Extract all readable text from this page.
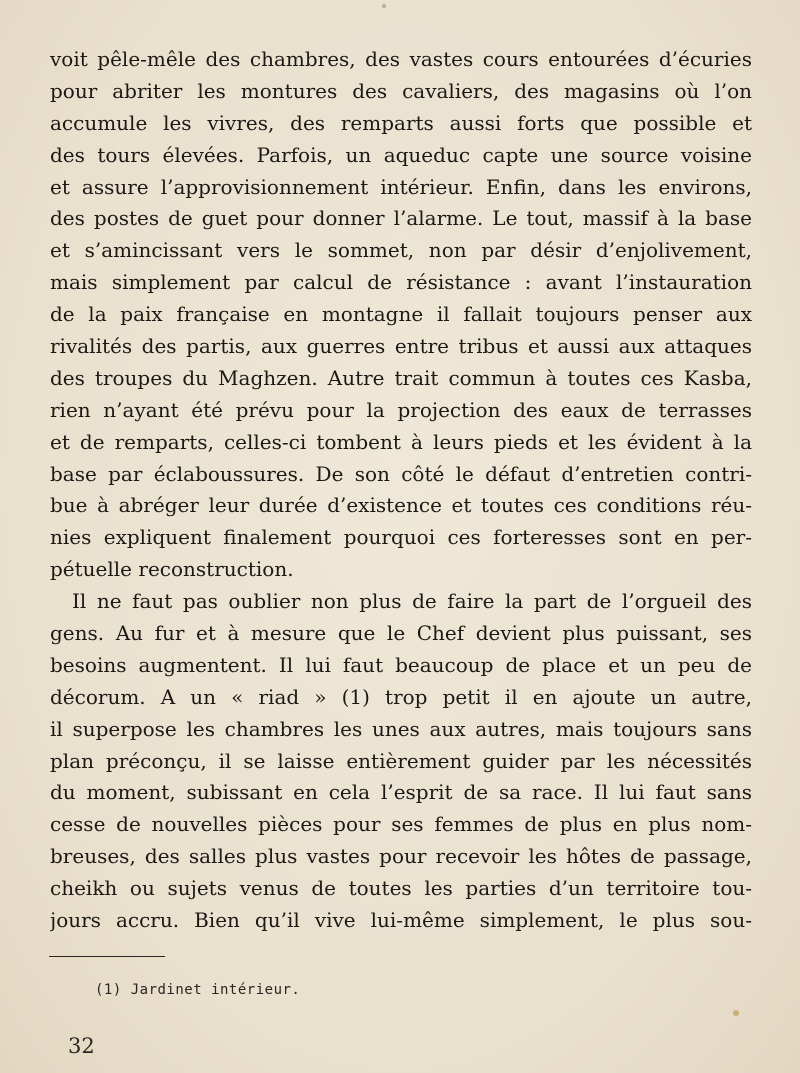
voit pêle-mêle des chambres, des vastes cours entourées d’écuries
pour abriter les montures des cavaliers, des magasins où l’on
accumule les vivres, des remparts aussi forts que possible et
des tours élevées. Parfois, un aqueduc capte une source voisine
et assure l’approvisionnement intérieur. Enfin, dans les environs,
des postes de guet pour donner l’alarme. Le tout, massif à la base
et s’amincissant vers le sommet, non par désir d’enjolivement,
mais simplement par calcul de résistance : avant l’instauration
de la paix française en montagne il fallait toujours penser aux
rivalités des partis, aux guerres entre tribus et aussi aux attaques
des troupes du Maghzen. Autre trait commun à toutes ces Kasba,
rien n’ayant été prévu pour la projection des eaux de terrasses
et de remparts, celles-ci tombent à leurs pieds et les évident à la
base par éclaboussures. De son côté le défaut d’entretien contri-
bue à abréger leur durée d’existence et toutes ces conditions réu-
nies expliquent finalement pourquoi ces forteresses sont en per-
pétuelle reconstruction.
Il ne faut pas oublier non plus de faire la part de l’orgueil des
gens. Au fur et à mesure que le Chef devient plus puissant, ses
besoins augmentent. Il lui faut beaucoup de place et un peu de
décorum. A un « riad » (1) trop petit il en ajoute un autre,
il superpose les chambres les unes aux autres, mais toujours sans
plan préconçu, il se laisse entièrement guider par les nécessités
du moment, subissant en cela l’esprit de sa race. Il lui faut sans
cesse de nouvelles pièces pour ses femmes de plus en plus nom-
breuses, des salles plus vastes pour recevoir les hôtes de passage,
cheikh ou sujets venus de toutes les parties d’un territoire tou-
jours accru. Bien qu’il vive lui-même simplement, le plus sou-
(1) Jardinet intérieur.
32
